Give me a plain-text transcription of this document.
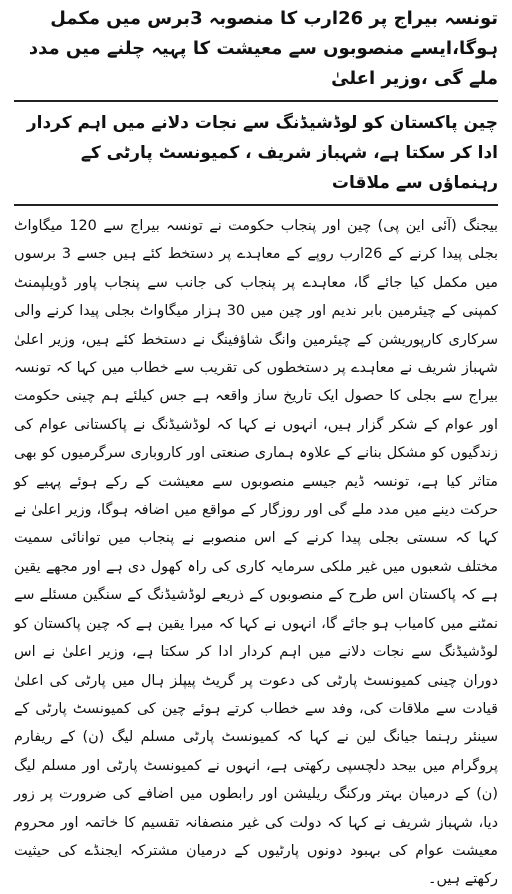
تونسہ بیراج پر 26ارب کا منصوبہ 3برس میں مکمل ہوگا،ایسے منصوبوں سے معیشت کا پہیہ چلنے میں مدد ملے گی ،وزیر اعلیٰ
چین پاکستان کو لوڈشیڈنگ سے نجات دلانے میں اہم کردار ادا کر سکتا ہے، شہباز شریف ، کمیونسٹ پارٹی کے رہنماؤں سے ملاقات

بیجنگ (آئی این پی) چین اور پنجاب حکومت نے تونسہ بیراج سے 120 میگاواٹ بجلی پیدا کرنے کے 26ارب روپے کے معاہدے پر دستخط کئے ہیں جسے 3 برسوں میں مکمل کیا جائے گا، معاہدے پر پنجاب کی جانب سے پنجاب پاور ڈویلپمنٹ کمپنی کے چیئرمین بابر ندیم اور چین میں 30 ہزار میگاواٹ بجلی پیدا کرنے والی سرکاری کارپوریشن کے چیئرمین وانگ شاؤفینگ نے دستخط کئے ہیں، وزیر اعلیٰ شہباز شریف نے معاہدے پر دستخطوں کی تقریب سے خطاب میں کہا کہ تونسہ بیراج سے بجلی کا حصول ایک تاریخ ساز واقعہ ہے جس کیلئے ہم چینی حکومت اور عوام کے شکر گزار ہیں، انہوں نے کہا کہ لوڈشیڈنگ نے پاکستانی عوام کی زندگیوں کو مشکل بنانے کے علاوہ ہماری صنعتی اور کاروباری سرگرمیوں کو بھی متاثر کیا ہے، تونسہ ڈیم جیسے منصوبوں سے معیشت کے رکے ہوئے پہیے کو حرکت دینے میں مدد ملے گی اور روزگار کے مواقع میں اضافہ ہوگا، وزیر اعلیٰ نے کہا کہ سستی بجلی پیدا کرنے کے اس منصوبے نے پنجاب میں توانائی سمیت مختلف شعبوں میں غیر ملکی سرمایہ کاری کی راہ کھول دی ہے اور مجھے یقین ہے کہ پاکستان اس طرح کے منصوبوں کے ذریعے لوڈشیڈنگ کے سنگین مسئلے سے نمٹنے میں کامیاب ہو جائے گا، انہوں نے کہا کہ میرا یقین ہے کہ چین پاکستان کو لوڈشیڈنگ سے نجات دلانے میں اہم کردار ادا کر سکتا ہے، وزیر اعلیٰ نے اس دوران چینی کمیونسٹ پارٹی کی دعوت پر گریٹ پیپلز ہال میں پارٹی کی اعلیٰ قیادت سے ملاقات کی، وفد سے خطاب کرتے ہوئے چین کی کمیونسٹ پارٹی کے سینئر رہنما جیانگ لین نے کہا کہ کمیونسٹ پارٹی مسلم لیگ (ن) کے ریفارم پروگرام میں بیحد دلچسپی رکھتی ہے، انہوں نے کمیونسٹ پارٹی اور مسلم لیگ (ن) کے درمیان بہتر ورکنگ ریلیشن اور رابطوں میں اضافے کی ضرورت پر زور دیا، شہباز شریف نے کہا کہ دولت کی غیر منصفانہ تقسیم کا خاتمہ اور محروم معیشت عوام کی بہبود دونوں پارٹیوں کے درمیان مشترکہ ایجنڈے کی حیثیت رکھتے ہیں۔
